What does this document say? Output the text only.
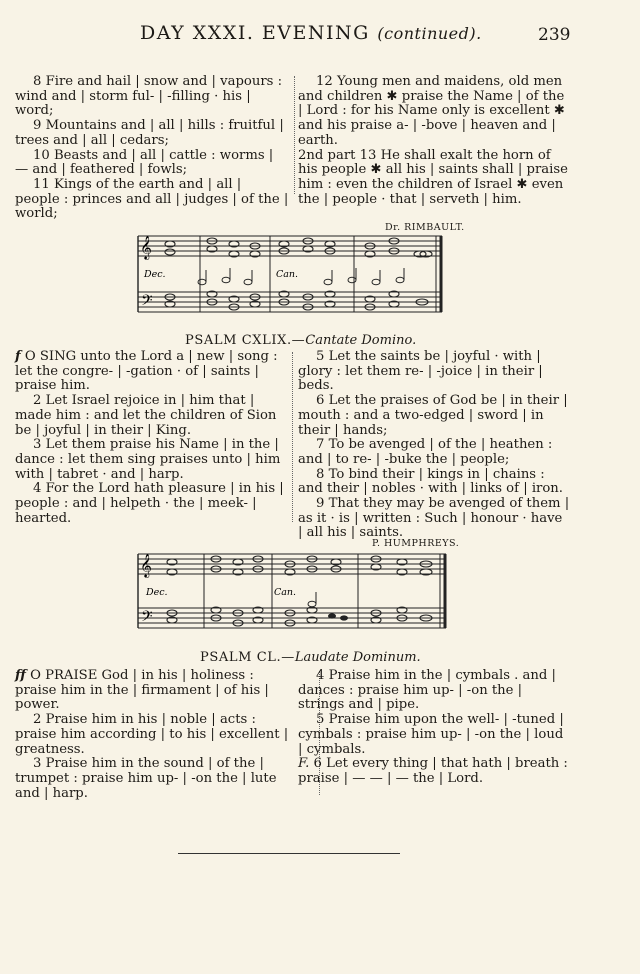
DAY XXXI. EVENING (continued).	239

8 Fire and hail | snow and | vapours : wind and | storm ful- | -filling · his | word;

9 Mountains and | all | hills : fruitful | trees and | all | cedars;

10 Beasts and | all | cattle : worms | — and | feathered | fowls;

11 Kings of the earth and | all | people : princes and all | judges | of the | world;

12 Young men and maidens, old men and children ✱ praise the Name | of the | Lord : for his Name only is excellent ✱ and his praise a- | -bove | heaven and | earth.

2nd part 13 He shall exalt the horn of his people ✱ all his | saints shall | praise him : even the children of Israel ✱ even the | people · that | serveth | him.

Dr. RIMBAULT.
𝄞
𝄢
Dec.	Can.
PSALM CXLIX.—Cantate Domino.

f O SING unto the Lord a | new | song : let the congre- | -gation · of | saints | praise him.

2 Let Israel rejoice in | him that | made him : and let the children of Sion be | joyful | in their | King.

3 Let them praise his Name | in the | dance : let them sing praises unto | him with | tabret · and | harp.

4 For the Lord hath pleasure | in his | people : and | helpeth · the | meek- | hearted.

5 Let the saints be | joyful · with | glory : let them re- | -joice | in their | beds.

6 Let the praises of God be | in their | mouth : and a two-edged | sword | in their | hands;

7 To be avenged | of the | heathen : and | to re- | -buke the | people;

8 To bind their | kings in | chains : and their | nobles · with | links of | iron.

9 That they may be avenged of them | as it · is | written : Such | honour · have | all his | saints.

P. HUMPHREYS.
𝄞
𝄢
Dec.	Can.
PSALM CL.—Laudate Dominum.

ff O PRAISE God | in his | holiness : praise him in the | firmament | of his | power.

2 Praise him in his | noble | acts : praise him according | to his | excellent | greatness.

3 Praise him in the sound | of the | trumpet : praise him up- | -on the | lute and | harp.

4 Praise him in the | cymbals . and | dances : praise him up- | -on the | strings and | pipe.

5 Praise him upon the well- | -tuned | cymbals : praise him up- | -on the | loud | cymbals.

F. 6 Let every thing | that hath | breath : praise | — — | — the | Lord.
